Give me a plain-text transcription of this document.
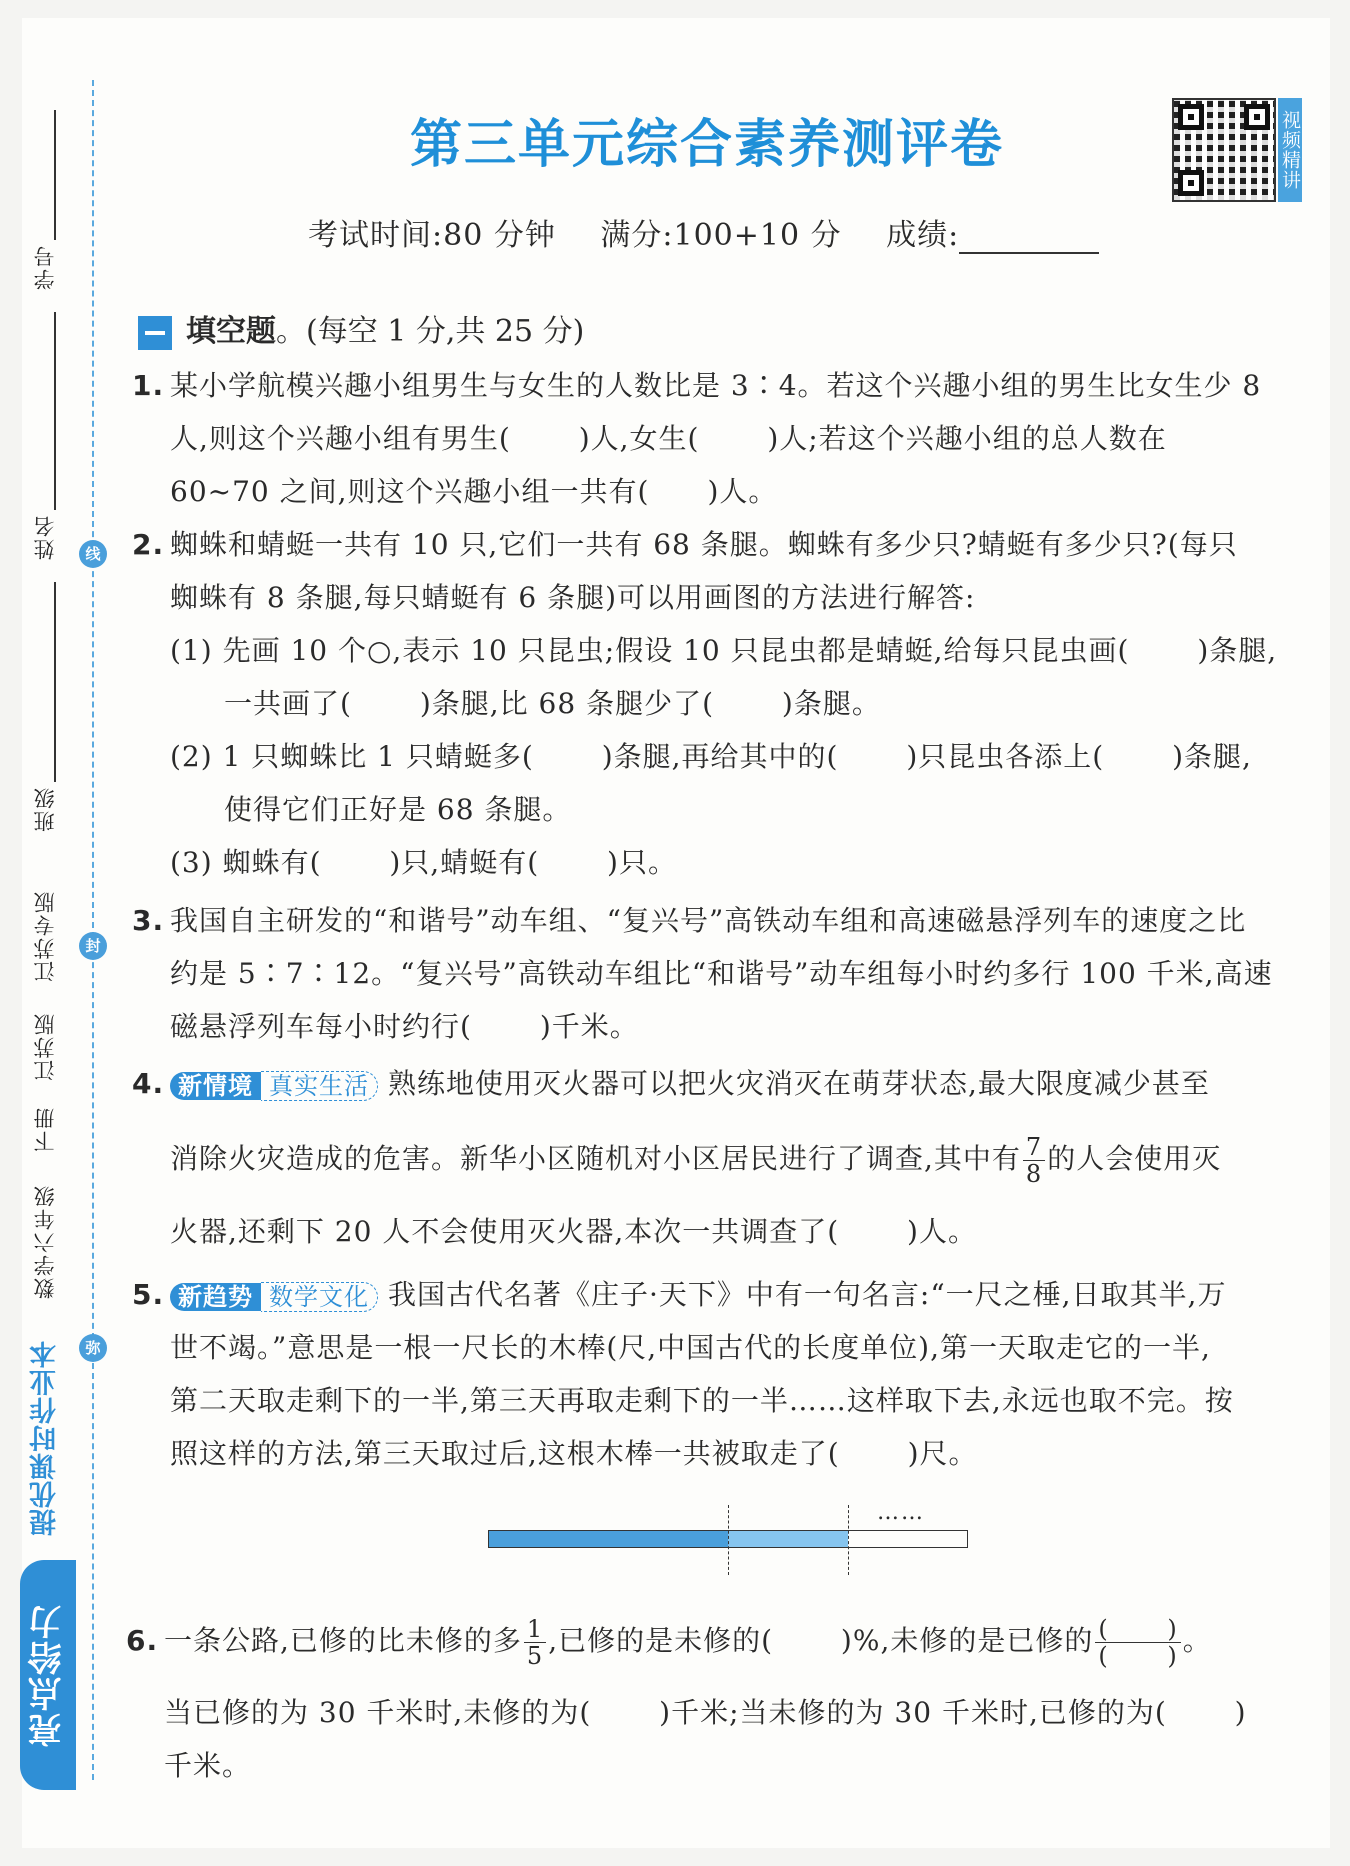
学号
姓名
班级
线
封
弥
江苏专版
江苏版
下册
数学六年级
提优课时作业本
亮点给力
第三单元综合素养测评卷	视频精讲
考试时间:80 分钟 满分:100+10 分 成绩:
填空题。(每空 1 分,共 25 分)
1. 某小学航模兴趣小组男生与女生的人数比是 3∶4。若这个兴趣小组的男生比女生少 8
人,则这个兴趣小组有男生(　　 )人,女生(　　 )人;若这个兴趣小组的总人数在
60~70 之间,则这个兴趣小组一共有(　　)人。
2. 蜘蛛和蜻蜓一共有 10 只,它们一共有 68 条腿。蜘蛛有多少只?蜻蜓有多少只?(每只
蜘蛛有 8 条腿,每只蜻蜓有 6 条腿)可以用画图的方法进行解答:
(1) 先画 10 个○,表示 10 只昆虫;假设 10 只昆虫都是蜻蜓,给每只昆虫画(　　 )条腿,
一共画了(　　 )条腿,比 68 条腿少了(　　 )条腿。
(2) 1 只蜘蛛比 1 只蜻蜓多(　　 )条腿,再给其中的(　　 )只昆虫各添上(　　 )条腿,
使得它们正好是 68 条腿。
(3) 蜘蛛有(　　 )只,蜻蜓有(　　 )只。
3. 我国自主研发的“和谐号”动车组、“复兴号”高铁动车组和高速磁悬浮列车的速度之比
约是 5∶7∶12。“复兴号”高铁动车组比“和谐号”动车组每小时约多行 100 千米,高速
磁悬浮列车每小时约行(　　 )千米。
4. 新情境 真实生活 熟练地使用灭火器可以把火灾消灭在萌芽状态,最大限度减少甚至
消除火灾造成的危害。新华小区随机对小区居民进行了调查,其中有 $\frac{7}{8}$ 的人会使用灭
火器,还剩下 20 人不会使用灭火器,本次一共调查了(　　 )人。
5. 新趋势 数学文化 我国古代名著《庄子·天下》中有一句名言:“一尺之棰,日取其半,万
世不竭。”意思是一根一尺长的木棒(尺,中国古代的长度单位),第一天取走它的一半,
第二天取走剩下的一半,第三天再取走剩下的一半……这样取下去,永远也取不完。按
照这样的方法,第三天取过后,这根木棒一共被取走了(　　 )尺。
……
6. 一条公路,已修的比未修的多 $\frac{1}{5}$ ,已修的是未修的(　　 )%,未修的是已修的 $\frac{( )}{( )}$ 。
当已修的为 30 千米时,未修的为(　　 )千米;当未修的为 30 千米时,已修的为(　　 )
千米。
